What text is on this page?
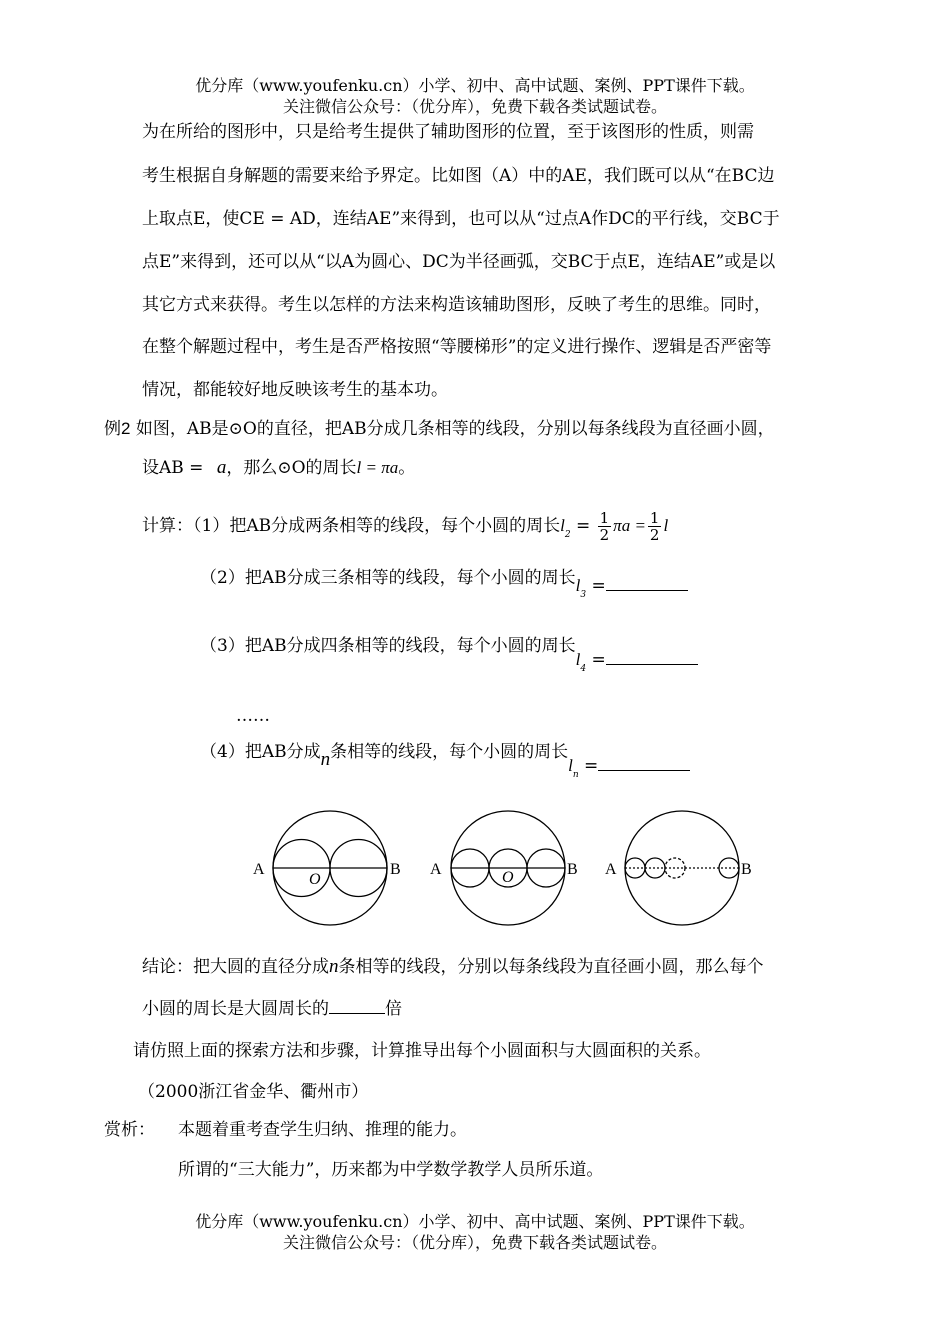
优分库（www.youfenku.cn）小学、初中、高中试题、案例、PPT课件下载。
关注微信公众号：（优分库），免费下载各类试题试卷。
为在所给的图形中，只是给考生提供了辅助图形的位置，至于该图形的性质，则需
考生根据自身解题的需要来给予界定。比如图（A）中的AE，我们既可以从“在BC边
上取点E，使CE = AD，连结AE”来得到，也可以从“过点A作DC的平行线，交BC于
点E”来得到，还可以从“以A为圆心、DC为半径画弧，交BC于点E，连结AE”或是以
其它方式来获得。考生以怎样的方法来构造该辅助图形，反映了考生的思维。同时，
在整个解题过程中，考生是否严格按照“等腰梯形”的定义进行操作、逻辑是否严密等
情况，都能较好地反映该考生的基本功。
例2 如图，AB是⊙O的直径，把AB分成几条相等的线段，分别以每条线段为直径画小圆，
设AB = a，那么⊙O的周长l = πa。
计算：（1）把AB分成两条相等的线段，每个小圆的周长$l_2 = \frac{1}{2}$ $\pi a = \frac{1}{2}$ l
（2）把AB分成三条相等的线段，每个小圆的周长$l_3$ =
（3）把AB分成四条相等的线段，每个小圆的周长$l_4$ =
……
（4）把AB分成n条相等的线段，每个小圆的周长$l_n$ =
A	B
O
A	B
O	A	B
结论：把大圆的直径分成n条相等的线段，分别以每条线段为直径画小圆，那么每个
小圆的周长是大圆周长的	倍
请仿照上面的探索方法和步骤，计算推导出每个小圆面积与大圆面积的关系。
（2000浙江省金华、衢州市）
赏析： 本题着重考查学生归纳、推理的能力。
所谓的“三大能力”，历来都为中学数学教学人员所乐道。
优分库（www.youfenku.cn）小学、初中、高中试题、案例、PPT课件下载。
关注微信公众号：（优分库），免费下载各类试题试卷。
